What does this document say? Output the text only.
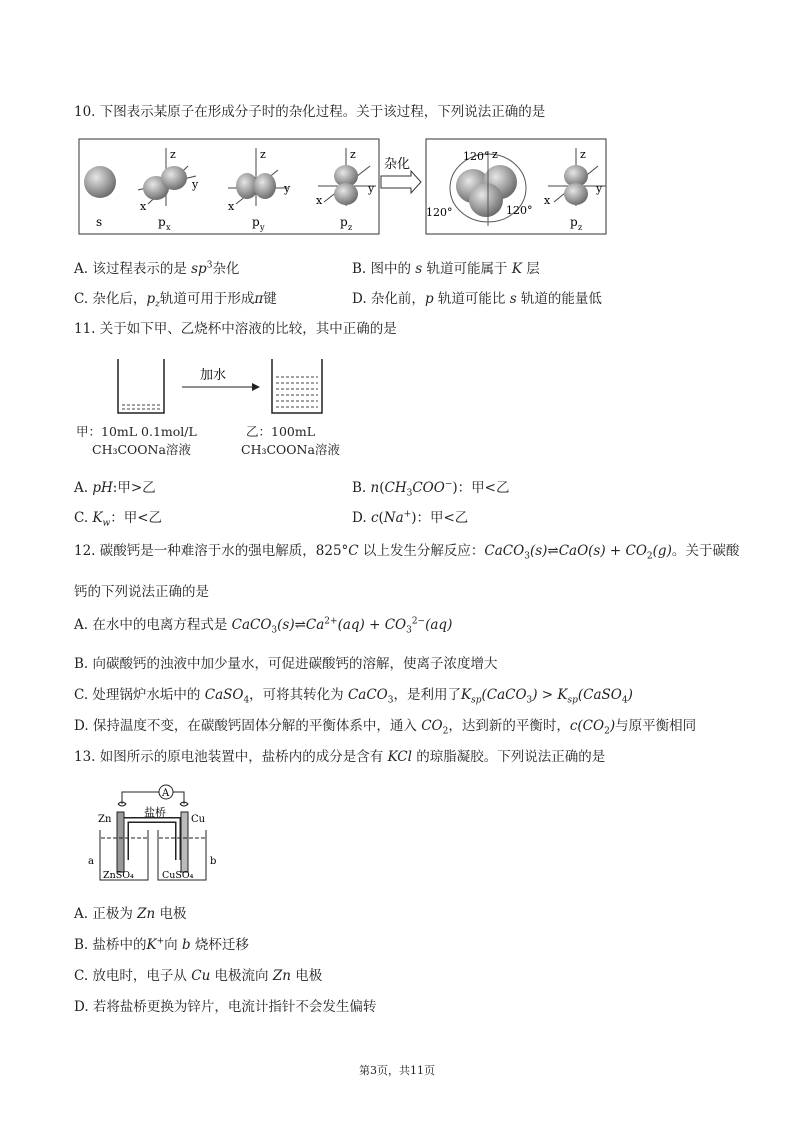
10. 下图表示某原子在形成分子时的杂化过程。关于该过程，下列说法正确的是
s
z
y
x
p x
z
y
x
p y
z
y
x
p z
杂化
120°
120°	120°
z	z
y
x
p z
A. 该过程表示的是 $sp^3$杂化	B. 图中的 s 轨道可能属于 K 层
C. 杂化后，$p_z$轨道可用于形成π键	D. 杂化前，p 轨道可能比 s 轨道的能量低
11. 关于如下甲、乙烧杯中溶液的比较，其中正确的是
加水
甲：10mL 0.1mol/L
CH₃COONa溶液
乙：100mL
CH₃COONa溶液
A. pH:甲>乙	B. $n(CH_3COO^-)$：甲<乙
C. $K_w$：甲<乙	D. c(Na+)：甲<乙
12. 碳酸钙是一种难溶于水的强电解质，825°C 以上发生分解反应：CaCO$_3$(s)⇌CaO(s) + $CO_2(g)$。关于碳酸
钙的下列说法正确的是
A. 在水中的电离方程式是 $CaCO_3(s)\rightleftharpoons Ca^{2+}(aq) + CO_3^{2-}(aq)$
B. 向碳酸钙的浊液中加少量水，可促进碳酸钙的溶解，使离子浓度增大
C. 处理锅炉水垢中的 CaSO$_4$，可将其转化为 CaCO$_3$，是利用了$K_{sp}(CaCO_3)$ > $K_{sp}(CaSO_4)$
D. 保持温度不变，在碳酸钙固体分解的平衡体系中，通入 $CO_2$，达到新的平衡时，$c(CO_2)$与原平衡相同
13. 如图所示的原电池装置中，盐桥内的成分是含有 KCl 的琼脂凝胶。下列说法正确的是
A
盐桥
Zn	Cu
a	b
ZnSO₄	CuSO₄
A. 正极为 Zn 电极
B. 盐桥中的K+向 b 烧杯迁移
C. 放电时，电子从 Cu 电极流向 Zn 电极
D. 若将盐桥更换为锌片，电流计指针不会发生偏转
第3页，共11页
